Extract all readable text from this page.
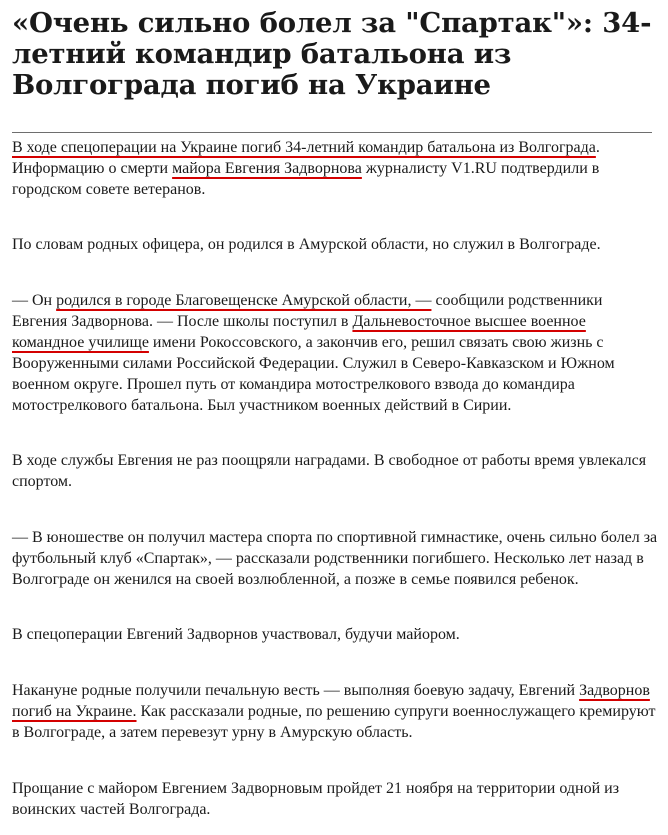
«Очень сильно болел за "Спартак"»: 34-летний командир батальона из Волгограда погиб на Украине

В ходе спецоперации на Украине погиб 34-летний командир батальона из Волгограда. Информацию о смерти майора Евгения Задворнова журналисту V1.RU подтвердили в городском совете ветеранов.

По словам родных офицера, он родился в Амурской области, но служил в Волгограде.

— Он родился в городе Благовещенске Амурской области, — сообщили родственники Евгения Задворнова. — После школы поступил в Дальневосточное высшее военное командное училище имени Рокоссовского, а закончив его, решил связать свою жизнь с Вооруженными силами Российской Федерации. Служил в Северо-Кавказском и Южном военном округе. Прошел путь от командира мотострелкового взвода до командира мотострелкового батальона. Был участником военных действий в Сирии.

В ходе службы Евгения не раз поощряли наградами. В свободное от работы время увлекался спортом.

— В юношестве он получил мастера спорта по спортивной гимнастике, очень сильно болел за футбольный клуб «Спартак», — рассказали родственники погибшего. Несколько лет назад в Волгограде он женился на своей возлюбленной, а позже в семье появился ребенок.

В спецоперации Евгений Задворнов участвовал, будучи майором.

Накануне родные получили печальную весть — выполняя боевую задачу, Евгений Задворнов погиб на Украине. Как рассказали родные, по решению супруги военнослужащего кремируют в Волгограде, а затем перевезут урну в Амурскую область.

Прощание с майором Евгением Задворновым пройдет 21 ноября на территории одной из воинских частей Волгограда.
